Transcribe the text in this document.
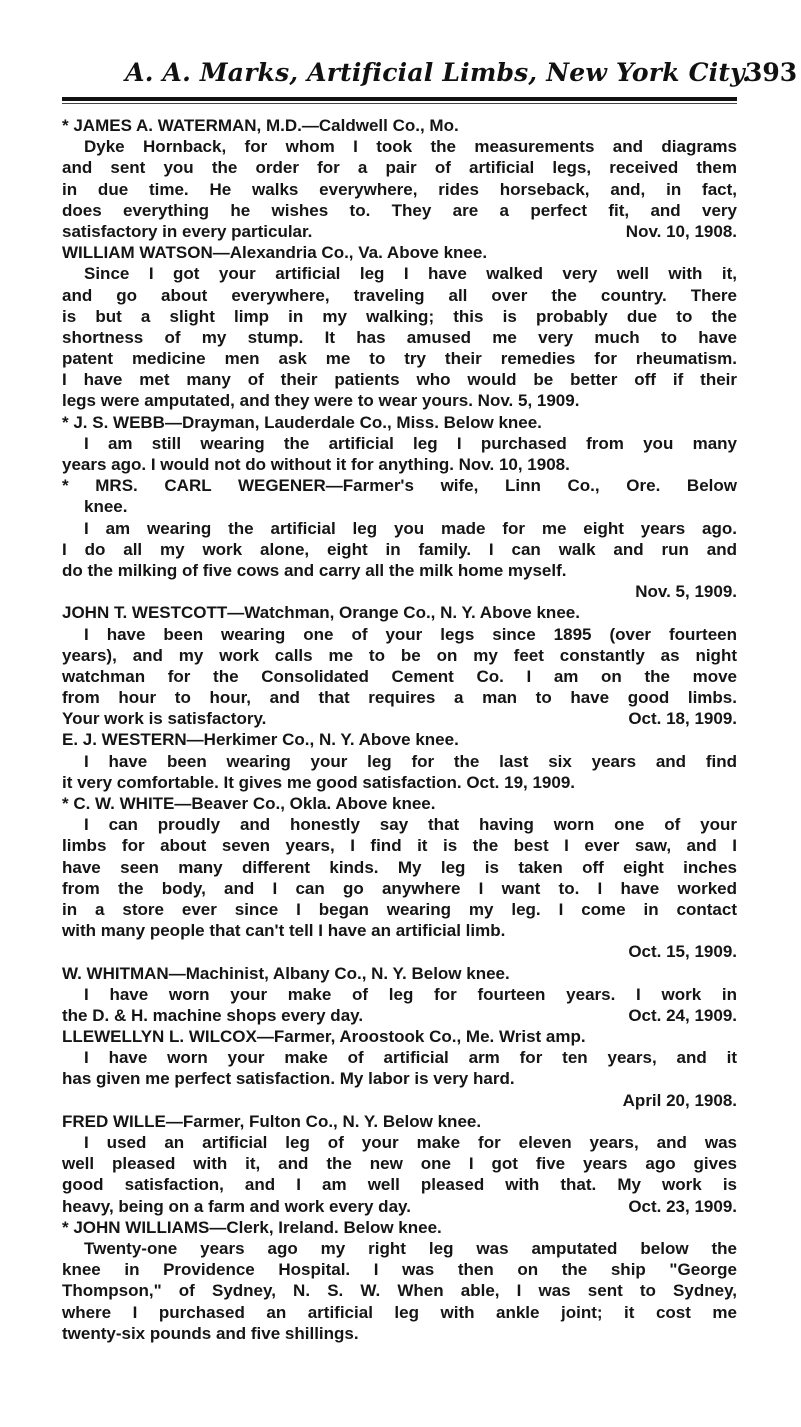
A. A. Marks, Artificial Limbs, New York City.
393
* JAMES A. WATERMAN, M.D.—Caldwell Co., Mo.
Dyke Hornback, for whom I took the measurements and diagrams
and sent you the order for a pair of artificial legs, received them
in due time. He walks everywhere, rides horseback, and, in fact,
does everything he wishes to. They are a perfect fit, and very
satisfactory in every particular.	Nov. 10, 1908.
WILLIAM WATSON—Alexandria Co., Va. Above knee.
Since I got your artificial leg I have walked very well with it,
and go about everywhere, traveling all over the country. There
is but a slight limp in my walking; this is probably due to the
shortness of my stump. It has amused me very much to have
patent medicine men ask me to try their remedies for rheumatism.
I have met many of their patients who would be better off if their
legs were amputated, and they were to wear yours. Nov. 5, 1909.
* J. S. WEBB—Drayman, Lauderdale Co., Miss. Below knee.
I am still wearing the artificial leg I purchased from you many
years ago. I would not do without it for anything. Nov. 10, 1908.
* MRS. CARL WEGENER—Farmer's wife, Linn Co., Ore. Below
knee.
I am wearing the artificial leg you made for me eight years ago.
I do all my work alone, eight in family. I can walk and run and
do the milking of five cows and carry all the milk home myself.
Nov. 5, 1909.
JOHN T. WESTCOTT—Watchman, Orange Co., N. Y. Above knee.
I have been wearing one of your legs since 1895 (over fourteen
years), and my work calls me to be on my feet constantly as night
watchman for the Consolidated Cement Co. I am on the move
from hour to hour, and that requires a man to have good limbs.
Your work is satisfactory.	Oct. 18, 1909.
E. J. WESTERN—Herkimer Co., N. Y. Above knee.
I have been wearing your leg for the last six years and find
it very comfortable. It gives me good satisfaction. Oct. 19, 1909.
* C. W. WHITE—Beaver Co., Okla. Above knee.
I can proudly and honestly say that having worn one of your
limbs for about seven years, I find it is the best I ever saw, and I
have seen many different kinds. My leg is taken off eight inches
from the body, and I can go anywhere I want to. I have worked
in a store ever since I began wearing my leg. I come in contact
with many people that can't tell I have an artificial limb.
Oct. 15, 1909.
W. WHITMAN—Machinist, Albany Co., N. Y. Below knee.
I have worn your make of leg for fourteen years. I work in
the D. & H. machine shops every day.	Oct. 24, 1909.
LLEWELLYN L. WILCOX—Farmer, Aroostook Co., Me. Wrist amp.
I have worn your make of artificial arm for ten years, and it
has given me perfect satisfaction. My labor is very hard.
April 20, 1908.
FRED WILLE—Farmer, Fulton Co., N. Y. Below knee.
I used an artificial leg of your make for eleven years, and was
well pleased with it, and the new one I got five years ago gives
good satisfaction, and I am well pleased with that. My work is
heavy, being on a farm and work every day.	Oct. 23, 1909.
* JOHN WILLIAMS—Clerk, Ireland. Below knee.
Twenty-one years ago my right leg was amputated below the
knee in Providence Hospital. I was then on the ship "George
Thompson," of Sydney, N. S. W. When able, I was sent to Sydney,
where I purchased an artificial leg with ankle joint; it cost me
twenty-six pounds and five shillings.
